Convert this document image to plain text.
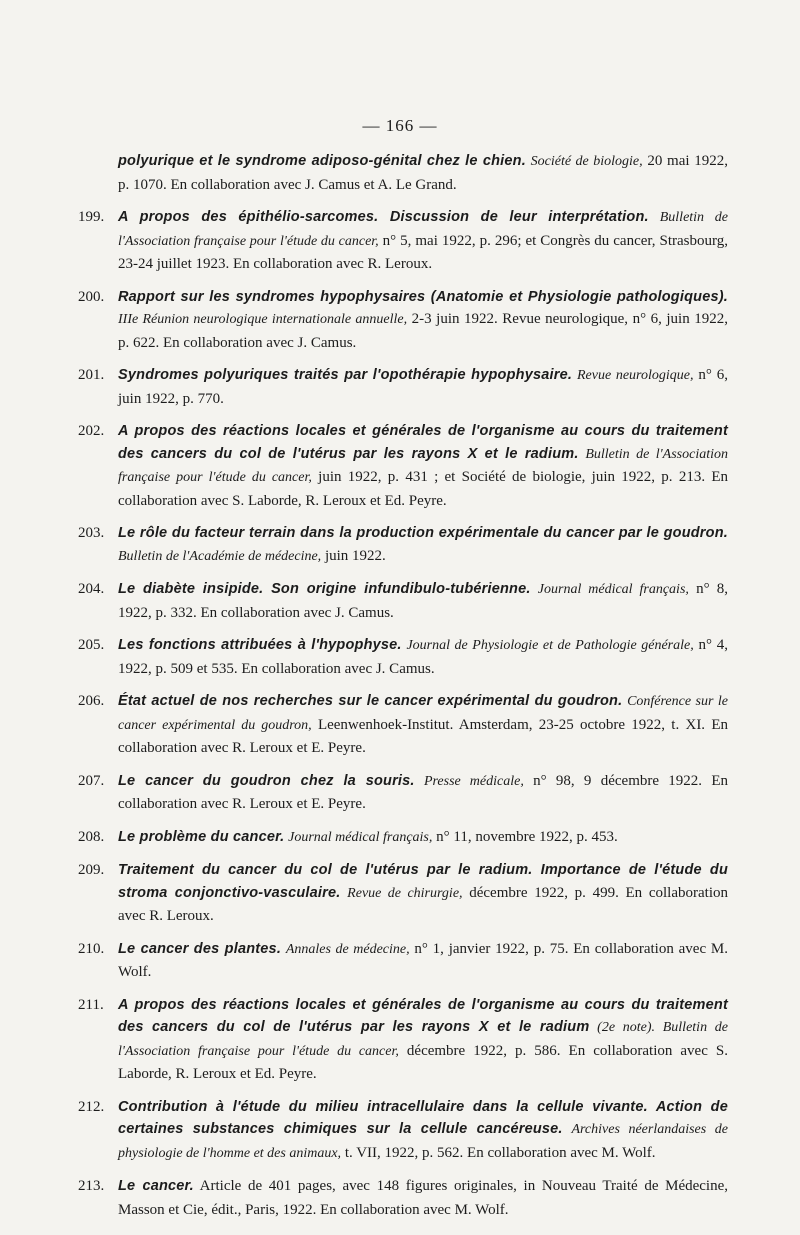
— 166 —
polyurique et le syndrome adiposo-génital chez le chien. Société de biologie, 20 mai 1922, p. 1070. En collaboration avec J. Camus et A. Le Grand.
199. A propos des épithélio-sarcomes. Discussion de leur interprétation. Bulletin de l'Association française pour l'étude du cancer, n° 5, mai 1922, p. 296; et Congrès du cancer, Strasbourg, 23-24 juillet 1923. En collaboration avec R. Leroux.
200. Rapport sur les syndromes hypophysaires (Anatomie et Physiologie pathologiques). IIIe Réunion neurologique internationale annuelle, 2-3 juin 1922. Revue neurologique, n° 6, juin 1922, p. 622. En collaboration avec J. Camus.
201. Syndromes polyuriques traités par l'opothérapie hypophysaire. Revue neurologique, n° 6, juin 1922, p. 770.
202. A propos des réactions locales et générales de l'organisme au cours du traitement des cancers du col de l'utérus par les rayons X et le radium. Bulletin de l'Association française pour l'étude du cancer, juin 1922, p. 431 ; et Société de biologie, juin 1922, p. 213. En collaboration avec S. Laborde, R. Leroux et Ed. Peyre.
203. Le rôle du facteur terrain dans la production expérimentale du cancer par le goudron. Bulletin de l'Académie de médecine, juin 1922.
204. Le diabète insipide. Son origine infundibulo-tubérienne. Journal médical français, n° 8, 1922, p. 332. En collaboration avec J. Camus.
205. Les fonctions attribuées à l'hypophyse. Journal de Physiologie et de Pathologie générale, n° 4, 1922, p. 509 et 535. En collaboration avec J. Camus.
206. État actuel de nos recherches sur le cancer expérimental du goudron. Conférence sur le cancer expérimental du goudron, Leenwenhoek-Institut. Amsterdam, 23-25 octobre 1922, t. XI. En collaboration avec R. Leroux et E. Peyre.
207. Le cancer du goudron chez la souris. Presse médicale, n° 98, 9 décembre 1922. En collaboration avec R. Leroux et E. Peyre.
208. Le problème du cancer. Journal médical français, n° 11, novembre 1922, p. 453.
209. Traitement du cancer du col de l'utérus par le radium. Importance de l'étude du stroma conjonctivo-vasculaire. Revue de chirurgie, décembre 1922, p. 499. En collaboration avec R. Leroux.
210. Le cancer des plantes. Annales de médecine, n° 1, janvier 1922, p. 75. En collaboration avec M. Wolf.
211. A propos des réactions locales et générales de l'organisme au cours du traitement des cancers du col de l'utérus par les rayons X et le radium (2e note). Bulletin de l'Association française pour l'étude du cancer, décembre 1922, p. 586. En collaboration avec S. Laborde, R. Leroux et Ed. Peyre.
212. Contribution à l'étude du milieu intracellulaire dans la cellule vivante. Action de certaines substances chimiques sur la cellule cancéreuse. Archives néerlandaises de physiologie de l'homme et des animaux, t. VII, 1922, p. 562. En collaboration avec M. Wolf.
213. Le cancer. Article de 401 pages, avec 148 figures originales, in Nouveau Traité de Médecine, Masson et Cie, édit., Paris, 1922. En collaboration avec M. Wolf.
